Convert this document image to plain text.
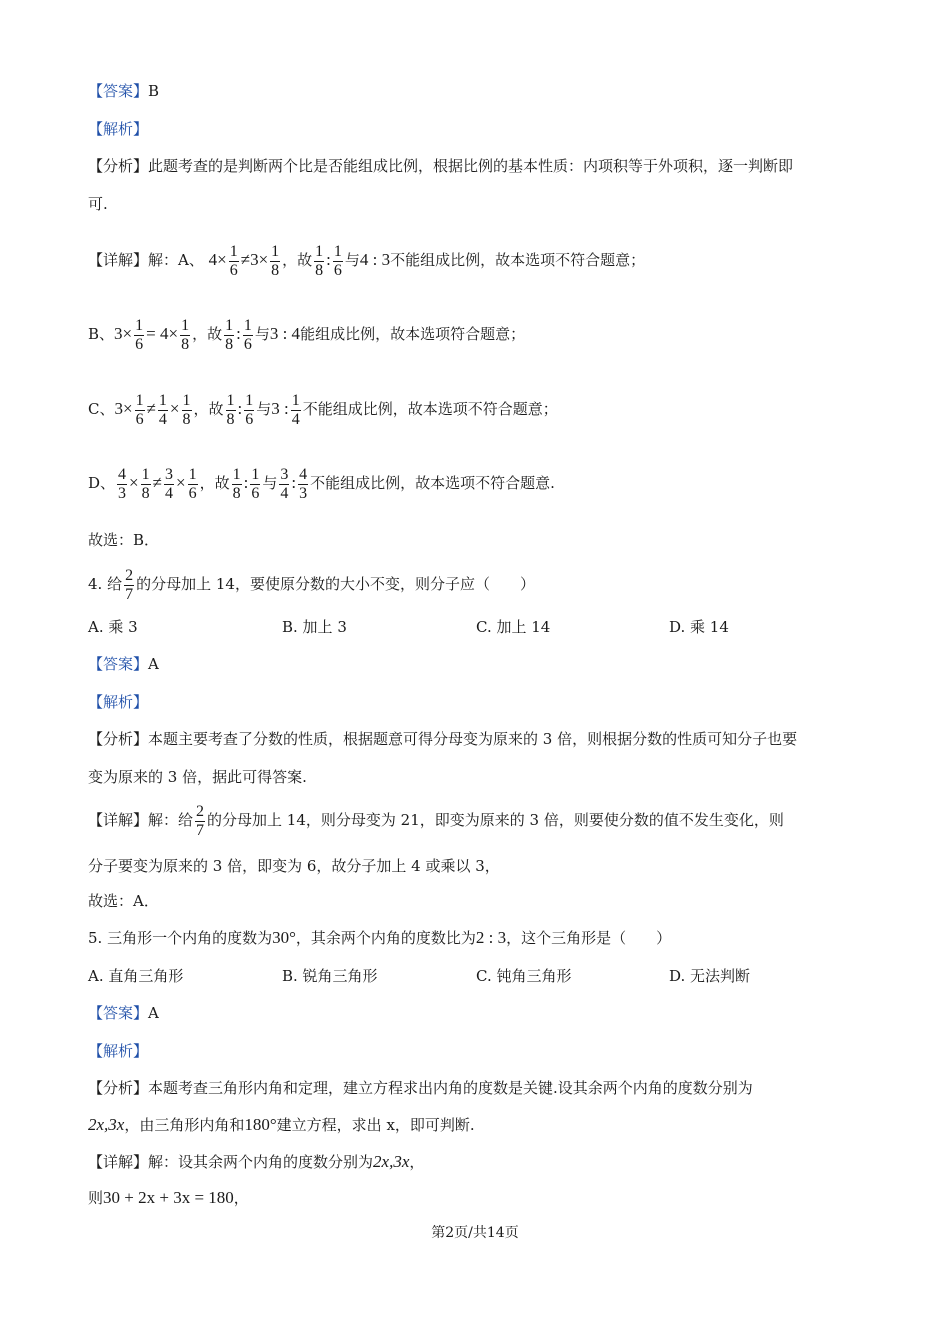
【答案】B
【解析】
【分析】此题考查的是判断两个比是否能组成比例，根据比例的基本性质：内项积等于外项积，逐一判断即
可.
【详解】解：A、 $4\times \frac{1}{6} \ne 3\times \frac{1}{8}$ ，故 $\frac{1}{8}$ : $\frac{1}{6}$ 与4 : 3不能组成比例，故本选项不符合题意；
B、$3\times \frac{1}{6} = 4\times \frac{1}{8}$ ，故 $\frac{1}{8}$ : $\frac{1}{6}$ 与3 : 4能组成比例，故本选项符合题意；
C、$3\times \frac{1}{6} \ne \frac{1}{4} \times \frac{1}{8}$ ，故 $\frac{1}{8}$ : $\frac{1}{6}$ 与3 : $\frac{1}{4}$ 不能组成比例，故本选项不符合题意；
D、 $\frac{4}{3} \times \frac{1}{8} \ne \frac{3}{4} \times \frac{1}{6}$ ，故 $\frac{1}{8}$ : $\frac{1}{6}$ 与 $\frac{3}{4}$ : $\frac{4}{3}$ 不能组成比例，故本选项不符合题意.
故选：B．
4. 给 $\frac{2}{7}$ 的分母加上 14，要使原分数的大小不变，则分子应（　　）
A. 乘 3	B. 加上 3	C. 加上 14	D. 乘 14
【答案】A
【解析】
【分析】本题主要考查了分数的性质，根据题意可得分母变为原来的 3 倍，则根据分数的性质可知分子也要
变为原来的 3 倍，据此可得答案.
【详解】解：给 $\frac{2}{7}$ 的分母加上 14，则分母变为 21，即变为原来的 3 倍，则要使分数的值不发生变化，则
分子要变为原来的 3 倍，即变为 6，故分子加上 4 或乘以 3，
故选：A．
5. 三角形一个内角的度数为30°，其余两个内角的度数比为2 : 3，这个三角形是（　　）
A. 直角三角形	B. 锐角三角形	C. 钝角三角形	D. 无法判断
【答案】A
【解析】
【分析】本题考查三角形内角和定理，建立方程求出内角的度数是关键.设其余两个内角的度数分别为
2x,3x，由三角形内角和180°建立方程，求出 x，即可判断.
【详解】解：设其余两个内角的度数分别为2x,3x，
则30 + 2x + 3x = 180，
第2页/共14页
